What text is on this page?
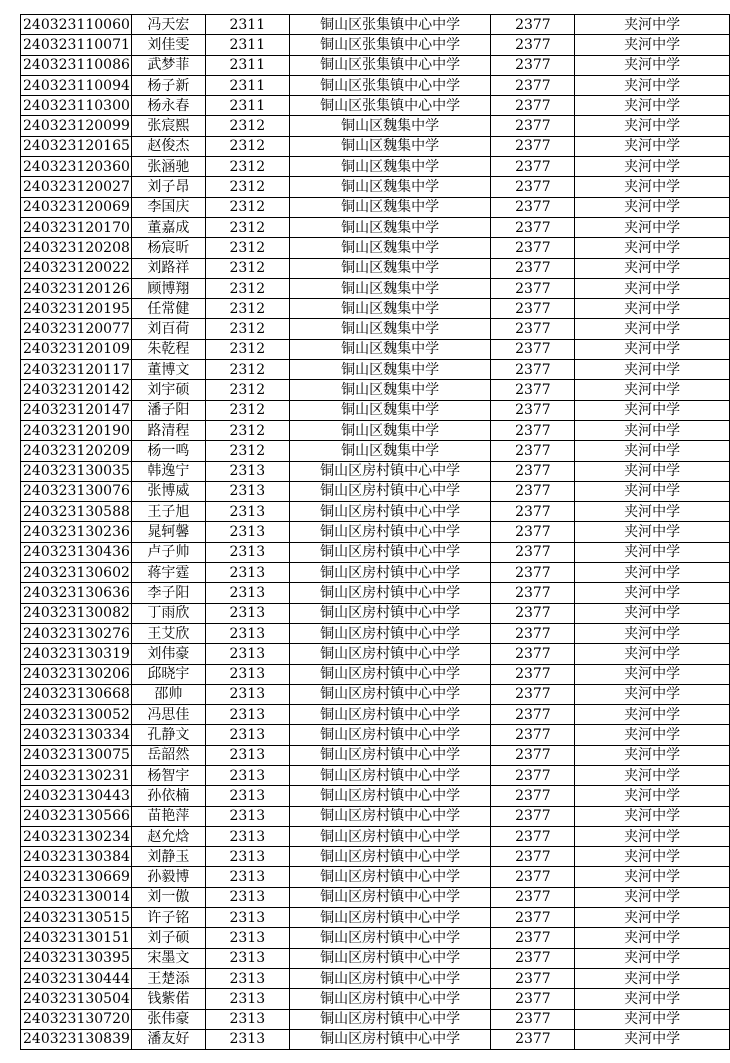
240323110060	冯天宏	2311	铜山区张集镇中心中学	2377	夹河中学
240323110071	刘佳雯	2311	铜山区张集镇中心中学	2377	夹河中学
240323110086	武梦菲	2311	铜山区张集镇中心中学	2377	夹河中学
240323110094	杨子新	2311	铜山区张集镇中心中学	2377	夹河中学
240323110300	杨永春	2311	铜山区张集镇中心中学	2377	夹河中学
240323120099	张宸熙	2312	铜山区魏集中学	2377	夹河中学
240323120165	赵俊杰	2312	铜山区魏集中学	2377	夹河中学
240323120360	张涵驰	2312	铜山区魏集中学	2377	夹河中学
240323120027	刘子昂	2312	铜山区魏集中学	2377	夹河中学
240323120069	李国庆	2312	铜山区魏集中学	2377	夹河中学
240323120170	董嘉成	2312	铜山区魏集中学	2377	夹河中学
240323120208	杨宸昕	2312	铜山区魏集中学	2377	夹河中学
240323120022	刘路祥	2312	铜山区魏集中学	2377	夹河中学
240323120126	顾博翔	2312	铜山区魏集中学	2377	夹河中学
240323120195	任常健	2312	铜山区魏集中学	2377	夹河中学
240323120077	刘百荷	2312	铜山区魏集中学	2377	夹河中学
240323120109	朱乾程	2312	铜山区魏集中学	2377	夹河中学
240323120117	董博文	2312	铜山区魏集中学	2377	夹河中学
240323120142	刘宇硕	2312	铜山区魏集中学	2377	夹河中学
240323120147	潘子阳	2312	铜山区魏集中学	2377	夹河中学
240323120190	路清程	2312	铜山区魏集中学	2377	夹河中学
240323120209	杨一鸣	2312	铜山区魏集中学	2377	夹河中学
240323130035	韩逸宁	2313	铜山区房村镇中心中学	2377	夹河中学
240323130076	张博威	2313	铜山区房村镇中心中学	2377	夹河中学
240323130588	王子旭	2313	铜山区房村镇中心中学	2377	夹河中学
240323130236	晁轲馨	2313	铜山区房村镇中心中学	2377	夹河中学
240323130436	卢子帅	2313	铜山区房村镇中心中学	2377	夹河中学
240323130602	蒋宇霆	2313	铜山区房村镇中心中学	2377	夹河中学
240323130636	李子阳	2313	铜山区房村镇中心中学	2377	夹河中学
240323130082	丁雨欣	2313	铜山区房村镇中心中学	2377	夹河中学
240323130276	王艾欣	2313	铜山区房村镇中心中学	2377	夹河中学
240323130319	刘伟豪	2313	铜山区房村镇中心中学	2377	夹河中学
240323130206	邱晓宇	2313	铜山区房村镇中心中学	2377	夹河中学
240323130668	邵帅	2313	铜山区房村镇中心中学	2377	夹河中学
240323130052	冯思佳	2313	铜山区房村镇中心中学	2377	夹河中学
240323130334	孔静文	2313	铜山区房村镇中心中学	2377	夹河中学
240323130075	岳韶然	2313	铜山区房村镇中心中学	2377	夹河中学
240323130231	杨智宇	2313	铜山区房村镇中心中学	2377	夹河中学
240323130443	孙依楠	2313	铜山区房村镇中心中学	2377	夹河中学
240323130566	苗艳萍	2313	铜山区房村镇中心中学	2377	夹河中学
240323130234	赵允焓	2313	铜山区房村镇中心中学	2377	夹河中学
240323130384	刘静玉	2313	铜山区房村镇中心中学	2377	夹河中学
240323130669	孙毅博	2313	铜山区房村镇中心中学	2377	夹河中学
240323130014	刘一傲	2313	铜山区房村镇中心中学	2377	夹河中学
240323130515	许子铭	2313	铜山区房村镇中心中学	2377	夹河中学
240323130151	刘子硕	2313	铜山区房村镇中心中学	2377	夹河中学
240323130395	宋墨文	2313	铜山区房村镇中心中学	2377	夹河中学
240323130444	王楚添	2313	铜山区房村镇中心中学	2377	夹河中学
240323130504	钱紫偌	2313	铜山区房村镇中心中学	2377	夹河中学
240323130720	张伟豪	2313	铜山区房村镇中心中学	2377	夹河中学
240323130839	潘友好	2313	铜山区房村镇中心中学	2377	夹河中学
